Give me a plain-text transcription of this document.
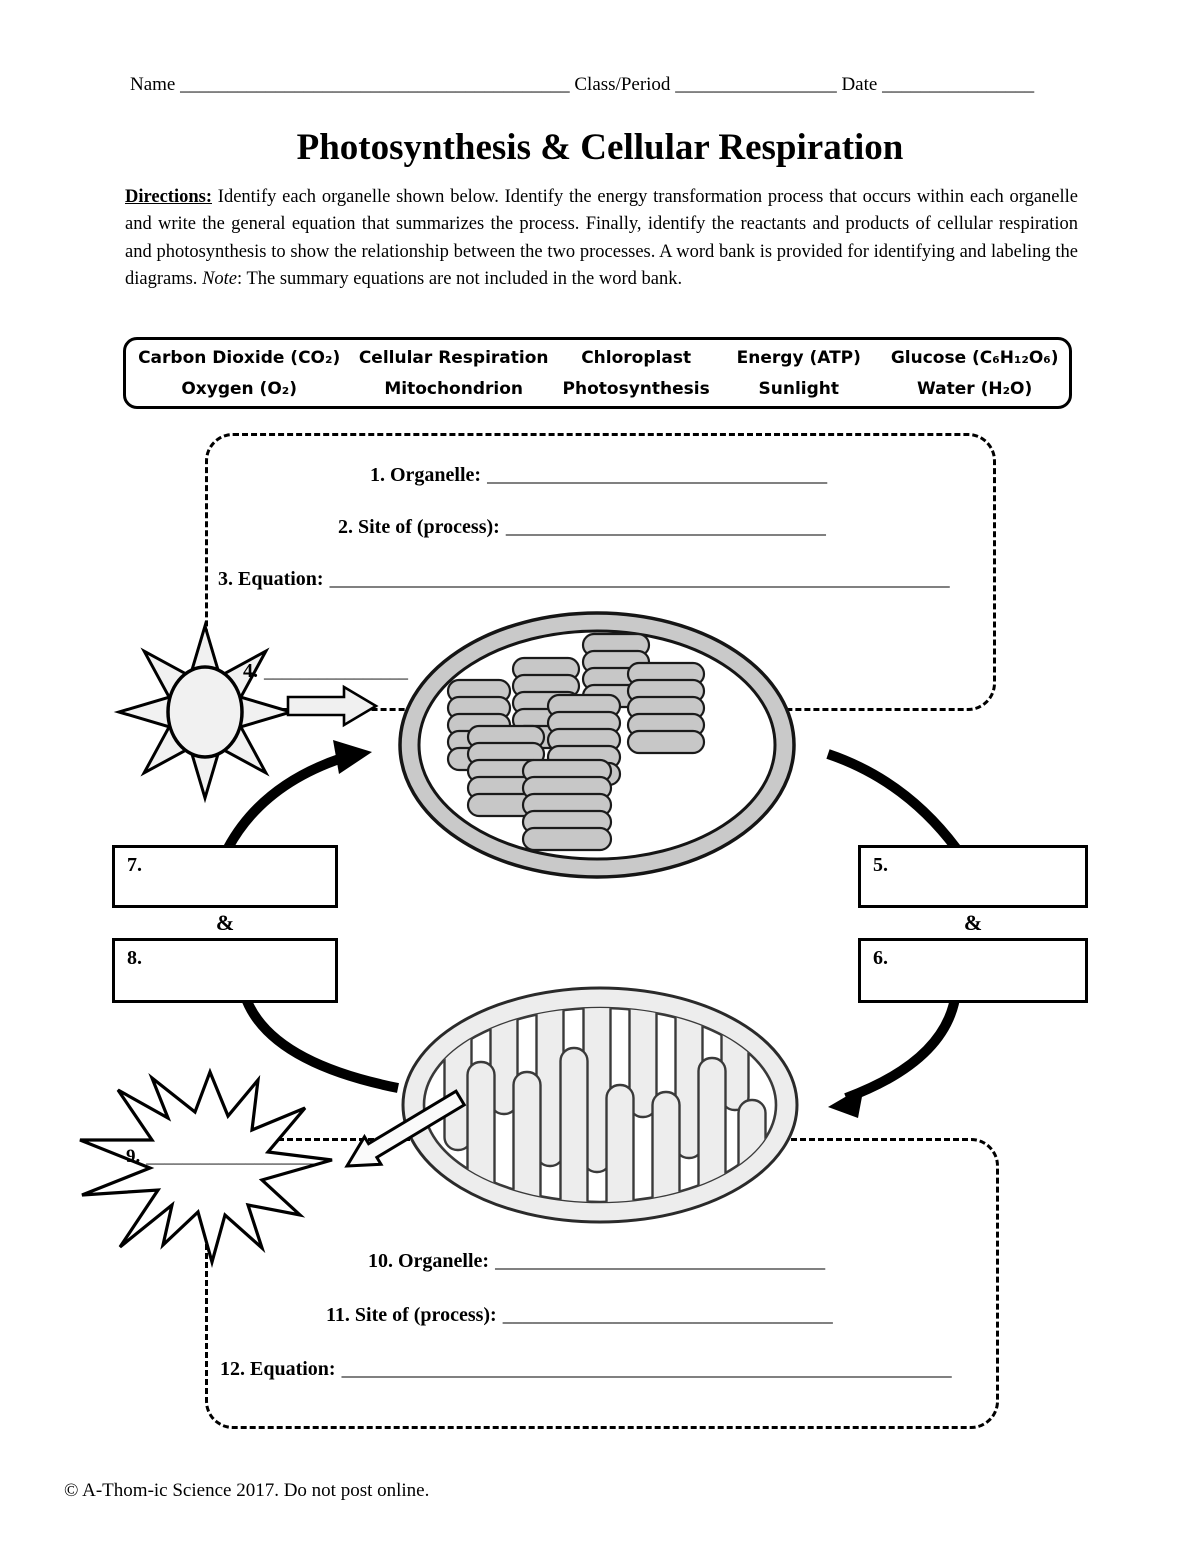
Name _________________________________________ Class/Period _________________ Date ________________
Photosynthesis & Cellular Respiration
Directions: Identify each organelle shown below. Identify the energy transformation process that occurs within each organelle and write the general equation that summarizes the process. Finally, identify the reactants and products of cellular respiration and photosynthesis to show the relationship between the two processes. A word bank is provided for identifying and labeling the diagrams. Note: The summary equations are not included in the word bank.
Carbon Dioxide (CO₂)	Cellular Respiration	Chloroplast	Energy (ATP)	Glucose (C₆H₁₂O₆)
Oxygen (O₂)	Mitochondrion	Photosynthesis	Sunlight	Water (H₂O)
1. Organelle: __________________________________
2. Site of (process): ________________________________
3. Equation: ______________________________________________________________
4. ________________
5.
&
6.
7.
&
8.
9. ___________________
10. Organelle: _________________________________
11. Site of (process): _________________________________
12. Equation: _____________________________________________________________
© A-Thom-ic Science 2017. Do not post online.
